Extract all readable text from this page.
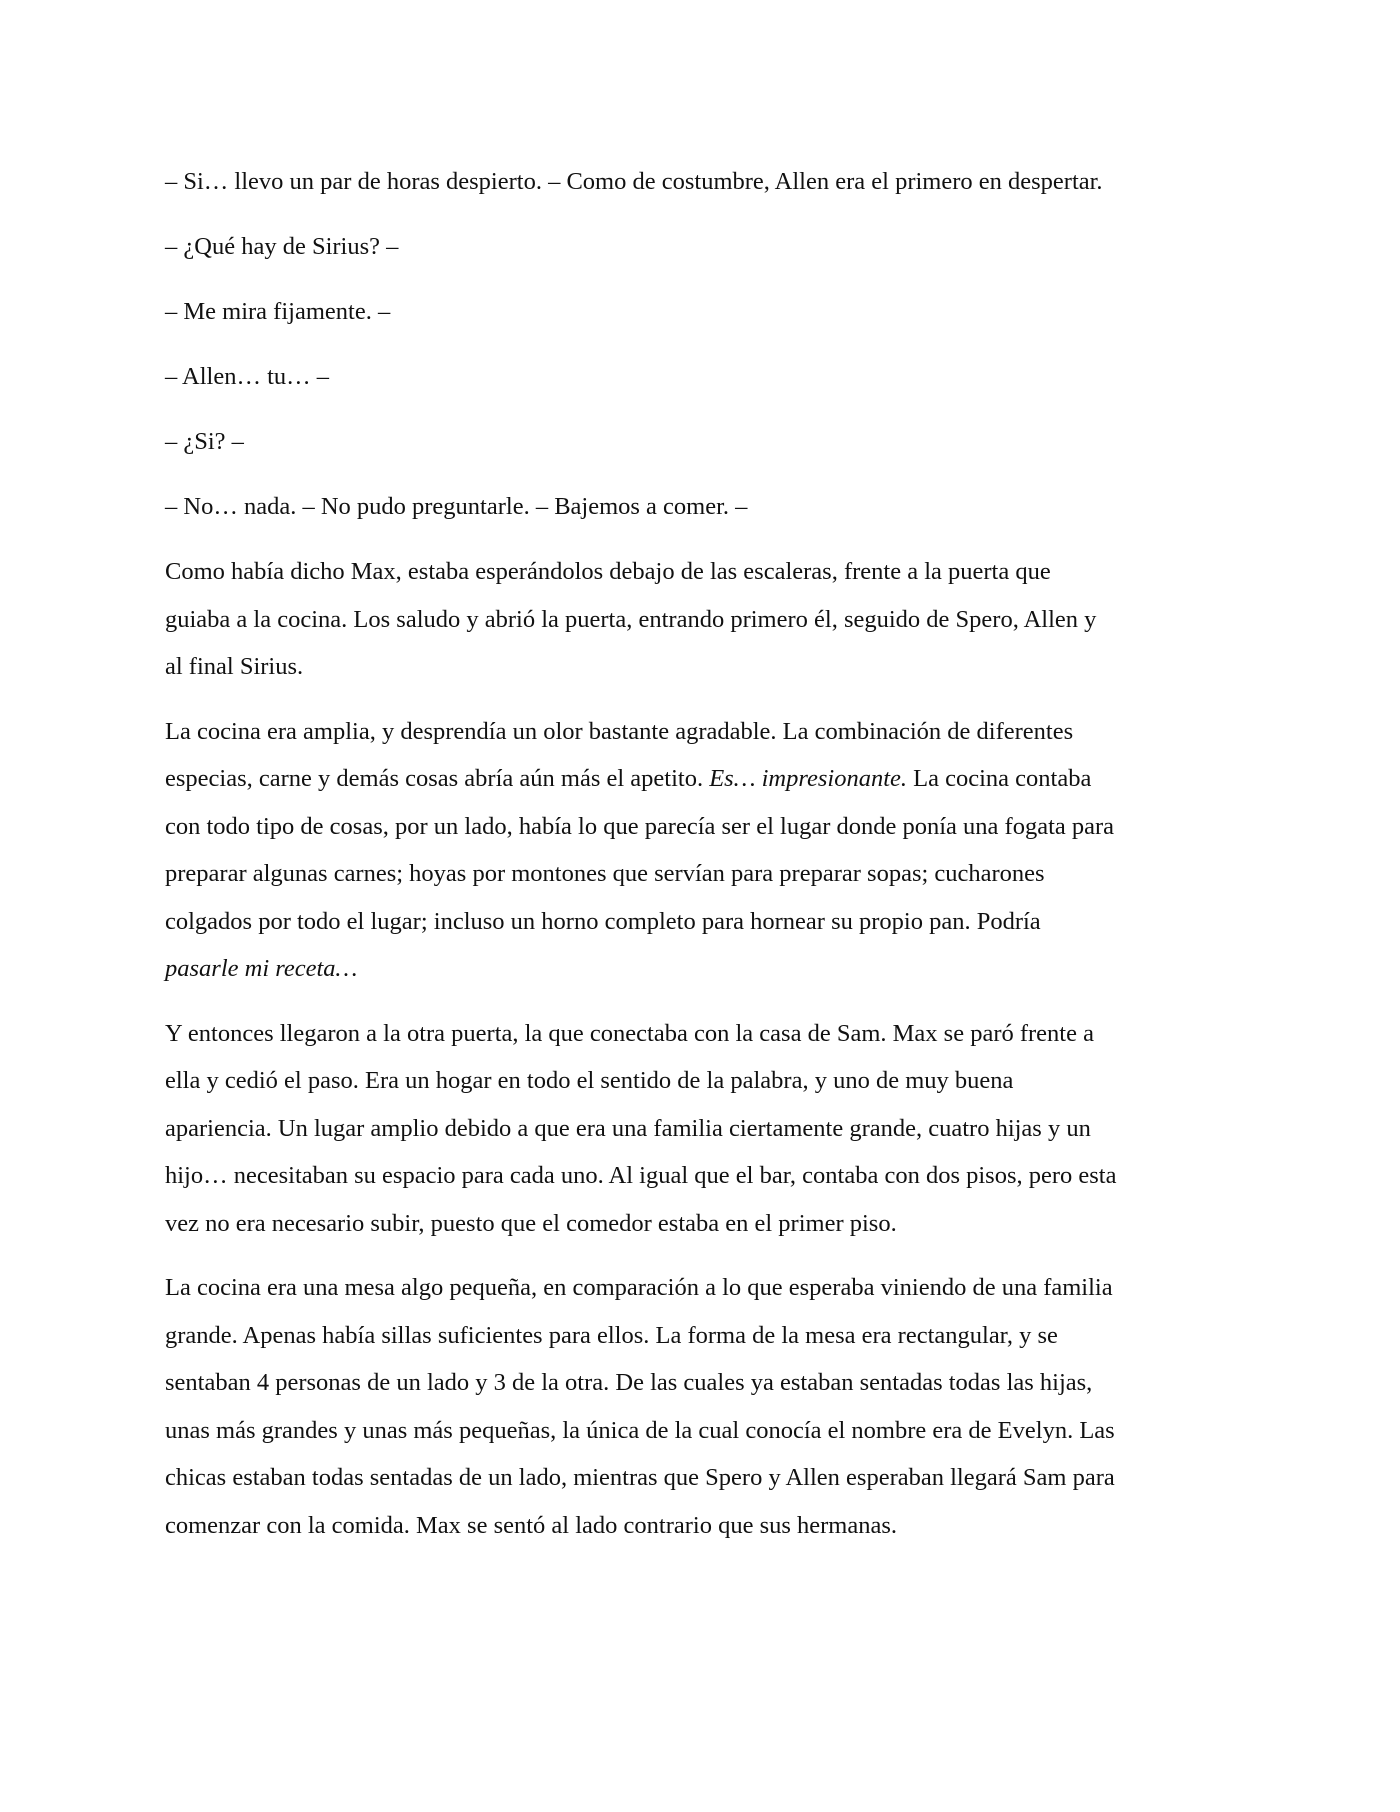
– Si… llevo un par de horas despierto. – Como de costumbre, Allen era el primero en despertar.
– ¿Qué hay de Sirius? –
– Me mira fijamente. –
– Allen… tu… –
– ¿Si? –
– No… nada. – No pudo preguntarle. – Bajemos a comer. –
Como había dicho Max, estaba esperándolos debajo de las escaleras, frente a la puerta que
guiaba a la cocina. Los saludo y abrió la puerta, entrando primero él, seguido de Spero, Allen y
al final Sirius.
La cocina era amplia, y desprendía un olor bastante agradable. La combinación de diferentes
especias, carne y demás cosas abría aún más el apetito. Es… impresionante. La cocina contaba
con todo tipo de cosas, por un lado, había lo que parecía ser el lugar donde ponía una fogata para
preparar algunas carnes; hoyas por montones que servían para preparar sopas; cucharones
colgados por todo el lugar; incluso un horno completo para hornear su propio pan. Podría
pasarle mi receta…
Y entonces llegaron a la otra puerta, la que conectaba con la casa de Sam. Max se paró frente a
ella y cedió el paso. Era un hogar en todo el sentido de la palabra, y uno de muy buena
apariencia. Un lugar amplio debido a que era una familia ciertamente grande, cuatro hijas y un
hijo… necesitaban su espacio para cada uno. Al igual que el bar, contaba con dos pisos, pero esta
vez no era necesario subir, puesto que el comedor estaba en el primer piso.
La cocina era una mesa algo pequeña, en comparación a lo que esperaba viniendo de una familia
grande. Apenas había sillas suficientes para ellos. La forma de la mesa era rectangular, y se
sentaban 4 personas de un lado y 3 de la otra. De las cuales ya estaban sentadas todas las hijas,
unas más grandes y unas más pequeñas, la única de la cual conocía el nombre era de Evelyn. Las
chicas estaban todas sentadas de un lado, mientras que Spero y Allen esperaban llegará Sam para
comenzar con la comida. Max se sentó al lado contrario que sus hermanas.
